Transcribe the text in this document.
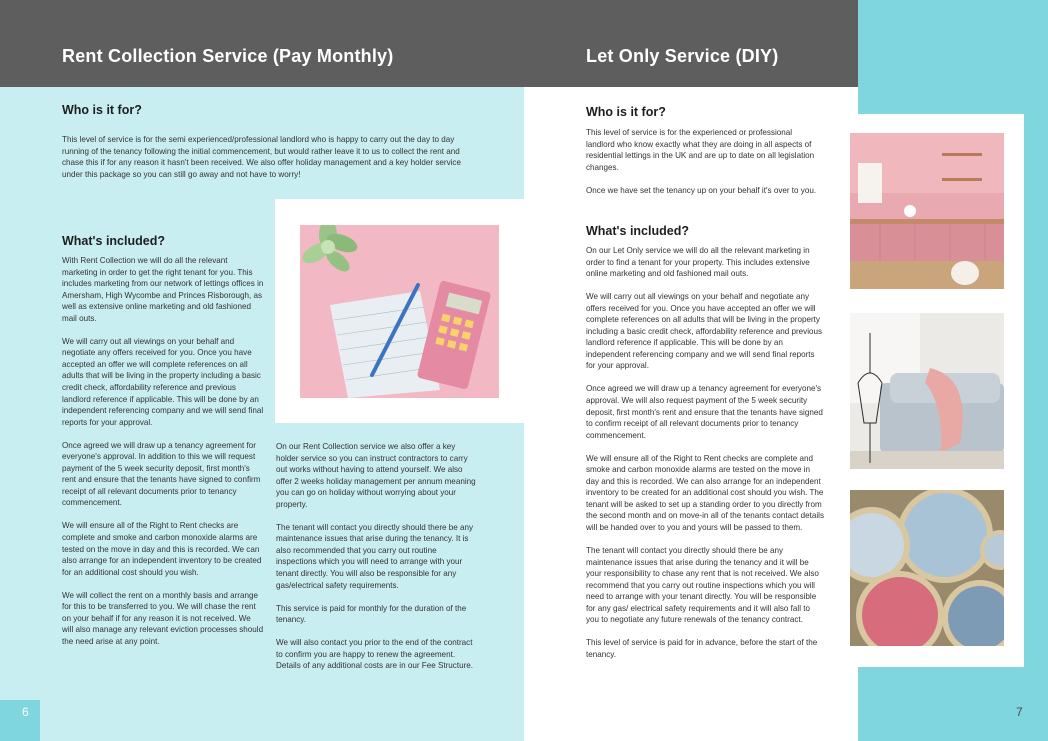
Rent Collection Service (Pay Monthly)	Let Only Service (DIY)
Who is it for?
This level of service is for the semi experienced/professional landlord who is happy to carry out the day to day running of the tenancy following the initial commencement, but would rather leave it to us to collect the rent and chase this if for any reason it hasn't been received. We also offer holiday management and a key holder service under this package so you can still go away and not have to worry!
What's included?

With Rent Collection we will do all the relevant marketing in order to get the right tenant for you. This includes marketing from our network of lettings offices in Amersham, High Wycombe and Princes Risborough, as well as extensive online marketing and old fashioned mail outs.

We will carry out all viewings on your behalf and negotiate any offers received for you. Once you have accepted an offer we will complete references on all adults that will be living in the property including a basic credit check, affordability reference and previous landlord reference if applicable. This will be done by an independent referencing company and we will send final reports for your approval.

Once agreed we will draw up a tenancy agreement for everyone's approval. In addition to this we will request payment of the 5 week security deposit, first month's rent and ensure that the tenants have signed to confirm receipt of all relevant documents prior to tenancy commencement.

We will ensure all of the Right to Rent checks are complete and smoke and carbon monoxide alarms are tested on the move in day and this is recorded. We can also arrange for an independent inventory to be created for an additional cost should you wish.

We will collect the rent on a monthly basis and arrange for this to be transferred to you. We will chase the rent on your behalf if for any reason it is not received. We will also manage any relevant eviction processes should the need arise at any point.

On our Rent Collection service we also offer a key holder service so you can instruct contractors to carry out works without having to attend yourself. We also offer 2 weeks holiday management per annum meaning you can go on holiday without worrying about your property.

The tenant will contact you directly should there be any maintenance issues that arise during the tenancy. It is also recommended that you carry out routine inspections which you will need to arrange with your tenant directly. You will also be responsible for any gas/electrical safety requirements.

This service is paid for monthly for the duration of the tenancy.

We will also contact you prior to the end of the contract to confirm you are happy to renew the agreement. Details of any additional costs are in our Fee Structure.

6
Who is it for?

This level of service is for the experienced or professional landlord who know exactly what they are doing in all aspects of residential lettings in the UK and are up to date on all legislation changes.

Once we have set the tenancy up on your behalf it's over to you.

What's included?

On our Let Only service we will do all the relevant marketing in order to find a tenant for your property. This includes extensive online marketing and old fashioned mail outs.

We will carry out all viewings on your behalf and negotiate any offers received for you. Once you have accepted an offer we will complete references on all adults that will be living in the property including a basic credit check, affordability reference and previous landlord reference if applicable. This will be done by an independent referencing company and we will send final reports for your approval.

Once agreed we will draw up a tenancy agreement for everyone's approval. We will also request payment of the 5 week security deposit, first month's rent and ensure that the tenants have signed to confirm receipt of all relevant documents prior to tenancy commencement.

We will ensure all of the Right to Rent checks are complete and smoke and carbon monoxide alarms are tested on the move in day and this is recorded. We can also arrange for an independent inventory to be created for an additional cost should you wish. The tenant will be asked to set up a standing order to you directly from the second month and on move-in all of the tenants contact details will be handed over to you and yours will be passed to them.

The tenant will contact you directly should there be any maintenance issues that arise during the tenancy and it will be your responsibility to chase any rent that is not received. We also recommend that you carry out routine inspections which you will need to arrange with your tenant directly. You will be responsible for any gas/ electrical safety requirements and it will also fall to you to negotiate any future renewals of the tenancy contract.

This level of service is paid for in advance, before the start of the tenancy.

7
